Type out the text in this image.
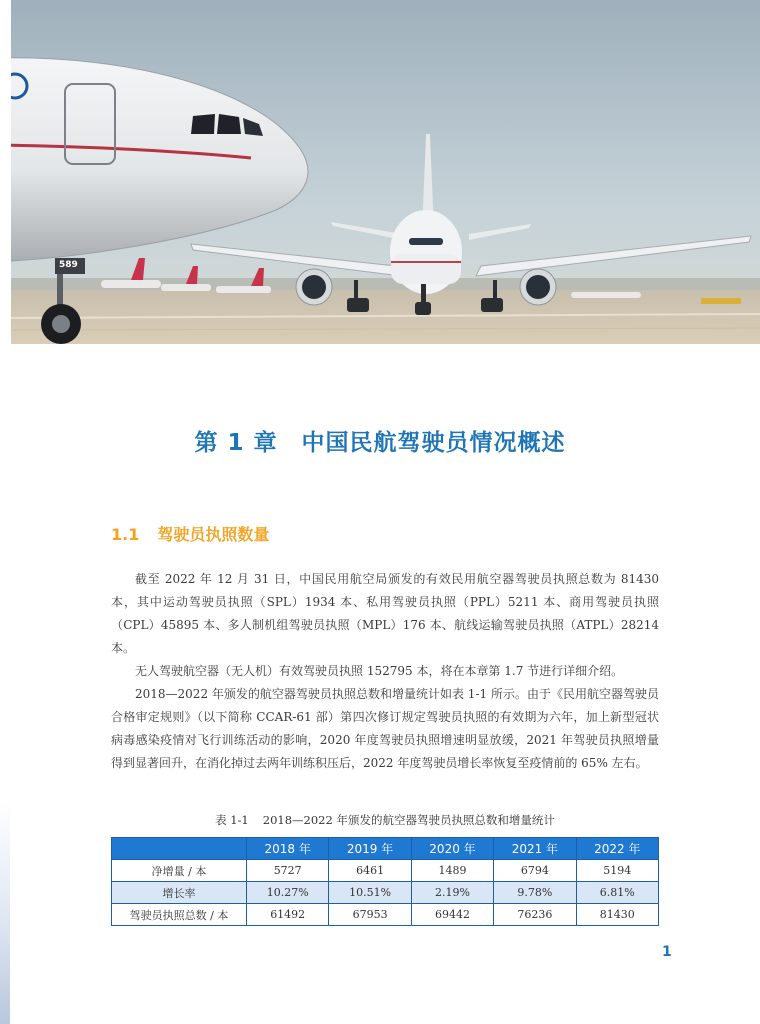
589
第 1 章 中国民航驾驶员情况概述
1.1 驾驶员执照数量

截至 2022 年 12 月 31 日，中国民用航空局颁发的有效民用航空器驾驶员执照总数为 81430 本，其中运动驾驶员执照（SPL）1934 本、私用驾驶员执照（PPL）5211 本、商用驾驶员执照（CPL）45895 本、多人制机组驾驶员执照（MPL）176 本、航线运输驾驶员执照（ATPL）28214 本。

无人驾驶航空器（无人机）有效驾驶员执照 152795 本，将在本章第 1.7 节进行详细介绍。

2018—2022 年颁发的航空器驾驶员执照总数和增量统计如表 1-1 所示。由于《民用航空器驾驶员合格审定规则》（以下简称 CCAR-61 部）第四次修订规定驾驶员执照的有效期为六年，加上新型冠状病毒感染疫情对飞行训练活动的影响，2020 年度驾驶员执照增速明显放缓，2021 年驾驶员执照增量得到显著回升，在消化掉过去两年训练积压后，2022 年度驾驶员增长率恢复至疫情前的 65% 左右。

表 1-1 2018—2022 年颁发的航空器驾驶员执照总数和增量统计
	2018 年	2019 年	2020 年	2021 年	2022 年
净增量 / 本	5727	6461	1489	6794	5194
增长率	10.27%	10.51%	2.19%	9.78%	6.81%
驾驶员执照总数 / 本	61492	67953	69442	76236	81430
1
